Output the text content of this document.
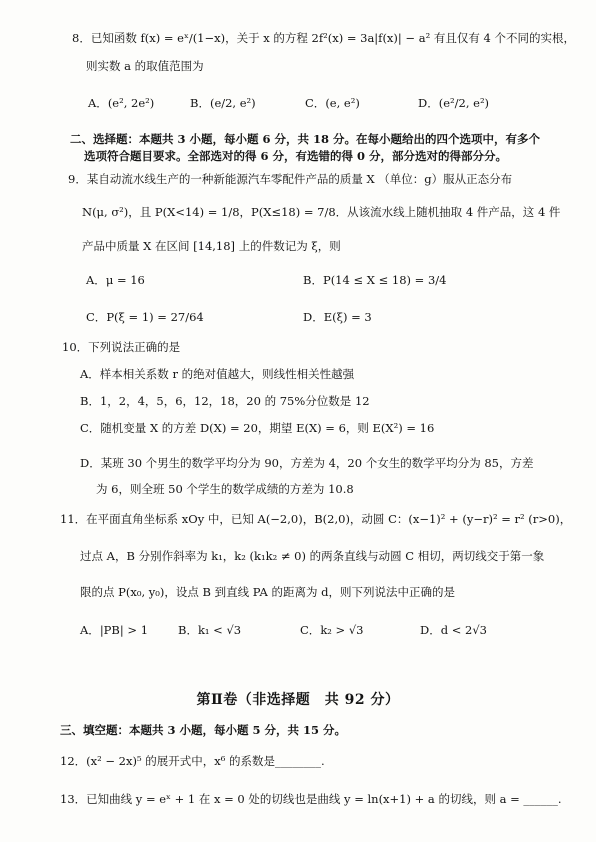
8．已知函数 f(x) = eˣ/(1−x)，关于 x 的方程 2f²(x) = 3a|f(x)| − a² 有且仅有 4 个不同的实根，
则实数 a 的取值范围为
A．(e², 2e²)	B．(e/2, e²)	C．(e, e²)	D．(e²/2, e²)
二、选择题：本题共 3 小题，每小题 6 分，共 18 分。在每小题给出的四个选项中，有多个
选项符合题目要求。全部选对的得 6 分，有选错的得 0 分，部分选对的得部分分。
9．某自动流水线生产的一种新能源汽车零配件产品的质量 X （单位：g）服从正态分布
N(μ, σ²)，且 P(X<14) = 1/8，P(X≤18) = 7/8．从该流水线上随机抽取 4 件产品，这 4 件
产品中质量 X 在区间 [14,18] 上的件数记为 ξ，则
A．μ = 16	B．P(14 ≤ X ≤ 18) = 3/4
C．P(ξ = 1) = 27/64	D．E(ξ) = 3
10．下列说法正确的是
A．样本相关系数 r 的绝对值越大，则线性相关性越强
B．1，2，4，5，6，12，18，20 的 75%分位数是 12
C．随机变量 X 的方差 D(X) = 20，期望 E(X) = 6，则 E(X²) = 16
D．某班 30 个男生的数学平均分为 90，方差为 4，20 个女生的数学平均分为 85，方差
为 6，则全班 50 个学生的数学成绩的方差为 10.8
11．在平面直角坐标系 xOy 中，已知 A(−2,0)，B(2,0)，动圆 C：(x−1)² + (y−r)² = r² (r>0)，
过点 A，B 分别作斜率为 k₁，k₂ (k₁k₂ ≠ 0) 的两条直线与动圆 C 相切，两切线交于第一象
限的点 P(x₀, y₀)，设点 B 到直线 PA 的距离为 d，则下列说法中正确的是
A．|PB| > 1	B．k₁ < √3	C．k₂ > √3	D．d < 2√3
第Ⅱ卷（非选择题　共 92 分）
三、填空题：本题共 3 小题，每小题 5 分，共 15 分。
12．(x² − 2x)⁵ 的展开式中，x⁶ 的系数是________.
13．已知曲线 y = eˣ + 1 在 x = 0 处的切线也是曲线 y = ln(x+1) + a 的切线，则 a = ______.
